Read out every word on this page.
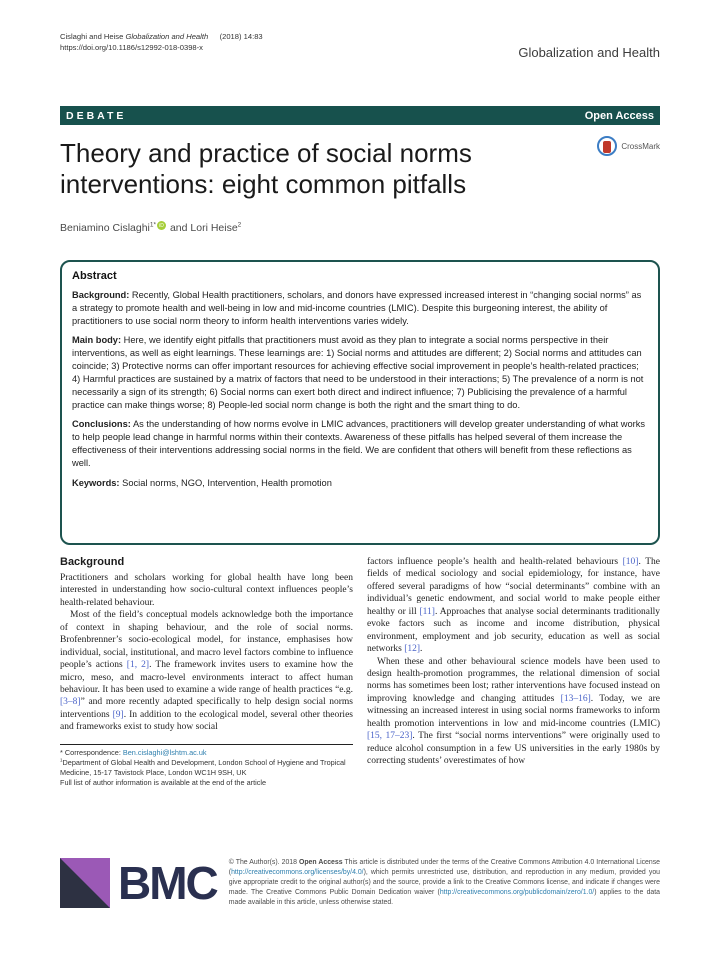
Cislaghi and Heise Globalization and Health  (2018) 14:83
https://doi.org/10.1186/s12992-018-0398-x	Globalization and Health
DEBATE	Open Access
CrossMark
Theory and practice of social norms interventions: eight common pitfalls
Beniamino Cislaghi$^{1*}$ iD and Lori Heise$^2$
Abstract

Background: Recently, Global Health practitioners, scholars, and donors have expressed increased interest in “changing social norms” as a strategy to promote health and well-being in low and mid-income countries (LMIC). Despite this burgeoning interest, the ability of practitioners to use social norm theory to inform health interventions varies widely.

Main body: Here, we identify eight pitfalls that practitioners must avoid as they plan to integrate a social norms perspective in their interventions, as well as eight learnings. These learnings are: 1) Social norms and attitudes are different; 2) Social norms and attitudes can coincide; 3) Protective norms can offer important resources for achieving effective social improvement in people’s health-related practices; 4) Harmful practices are sustained by a matrix of factors that need to be understood in their interactions; 5) The prevalence of a norm is not necessarily a sign of its strength; 6) Social norms can exert both direct and indirect influence; 7) Publicising the prevalence of a harmful practice can make things worse; 8) People-led social norm change is both the right and the smart thing to do.

Conclusions: As the understanding of how norms evolve in LMIC advances, practitioners will develop greater understanding of what works to help people lead change in harmful norms within their contexts. Awareness of these pitfalls has helped several of them increase the effectiveness of their interventions addressing social norms in the field. We are confident that others will benefit from these reflections as well.

Keywords: Social norms, NGO, Intervention, Health promotion

Background

Practitioners and scholars working for global health have long been interested in understanding how socio-cultural context influences people’s health-related behaviour.

Most of the field’s conceptual models acknowledge both the importance of context in shaping behaviour, and the role of social norms. Brofenbrenner’s socio-ecological model, for instance, emphasises how individual, social, institutional, and macro level factors combine to influence people’s actions [1, 2]. The framework invites users to examine how the micro, meso, and macro-level environments interact to affect human behaviour. It has been used to examine a wide range of health practices “e.g. [3–8]” and more recently adapted specifically to help design social norms interventions [9]. In addition to the ecological model, several other theories and frameworks exist to study how social

* Correspondence: Ben.cislaghi@lshtm.ac.uk

$^1$Department of Global Health and Development, London School of Hygiene and Tropical Medicine, 15-17 Tavistock Place, London WC1H 9SH, UK

Full list of author information is available at the end of the article

factors influence people’s health and health-related behaviours [10]. The fields of medical sociology and social epidemiology, for instance, have offered several paradigms of how “social determinants” combine with an individual’s genetic endowment, and social world to make people either healthy or ill [11]. Approaches that analyse social determinants traditionally evoke factors such as income and income distribution, physical environment, employment and job security, education as well as social networks [12].

When these and other behavioural science models have been used to design health-promotion programmes, the relational dimension of social norms has sometimes been lost; rather interventions have focused instead on improving knowledge and changing attitudes [13–16]. Today, we are witnessing an increased interest in using social norms frameworks to inform health promotion interventions in low and mid-income countries (LMIC) [15, 17–23]. The first “social norms interventions” were originally used to reduce alcohol consumption in a few US universities in the early 1980s by correcting students’ overestimates of how

BMC © The Author(s). 2018 Open Access This article is distributed under the terms of the Creative Commons Attribution 4.0 International License (http://creativecommons.org/licenses/by/4.0/), which permits unrestricted use, distribution, and reproduction in any medium, provided you give appropriate credit to the original author(s) and the source, provide a link to the Creative Commons license, and indicate if changes were made. The Creative Commons Public Domain Dedication waiver (http://creativecommons.org/publicdomain/zero/1.0/) applies to the data made available in this article, unless otherwise stated.
